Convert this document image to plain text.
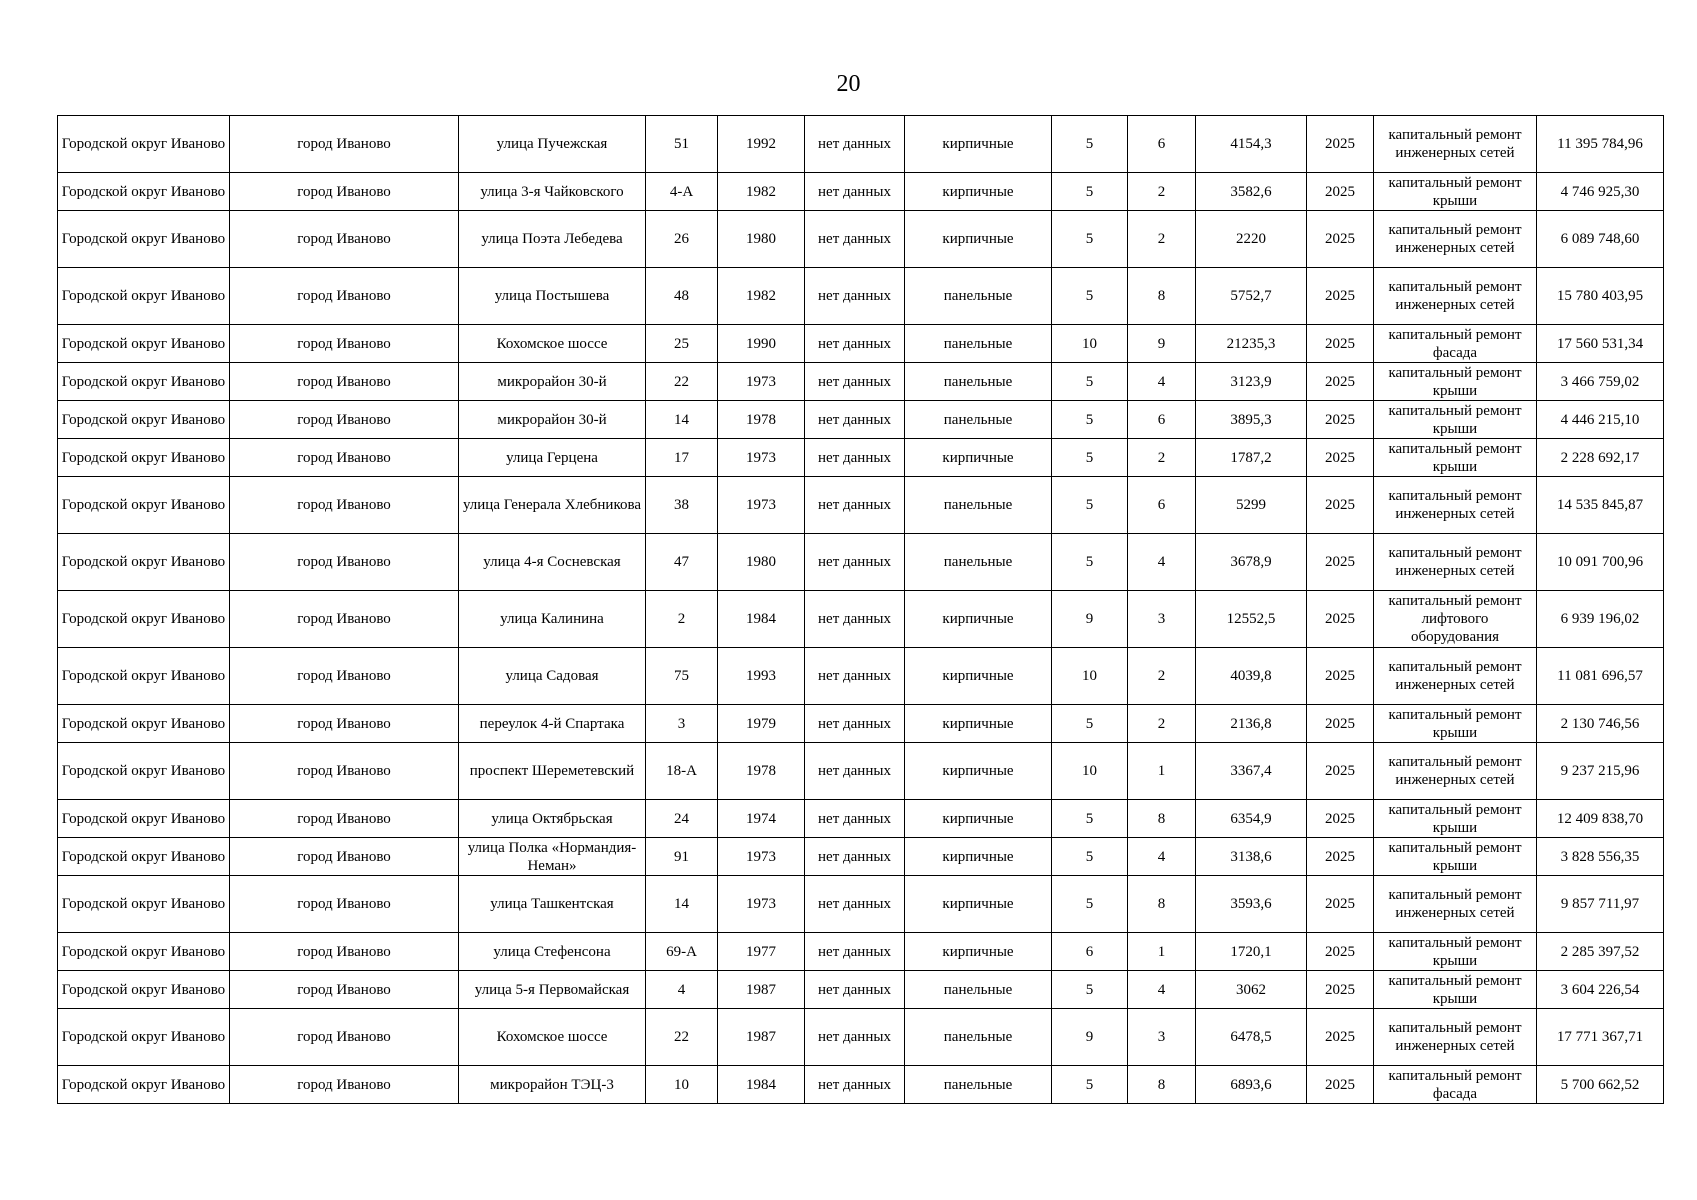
20
Городской округ Иваново	город Иваново	улица Пучежская	51	1992	нет данных	кирпичные	5	6	4154,3	2025	капитальный ремонт инженерных сетей	11 395 784,96
Городской округ Иваново	город Иваново	улица 3-я Чайковского	4-А	1982	нет данных	кирпичные	5	2	3582,6	2025	капитальный ремонт крыши	4 746 925,30
Городской округ Иваново	город Иваново	улица Поэта Лебедева	26	1980	нет данных	кирпичные	5	2	2220	2025	капитальный ремонт инженерных сетей	6 089 748,60
Городской округ Иваново	город Иваново	улица Постышева	48	1982	нет данных	панельные	5	8	5752,7	2025	капитальный ремонт инженерных сетей	15 780 403,95
Городской округ Иваново	город Иваново	Кохомское шоссе	25	1990	нет данных	панельные	10	9	21235,3	2025	капитальный ремонт фасада	17 560 531,34
Городской округ Иваново	город Иваново	микрорайон 30-й	22	1973	нет данных	панельные	5	4	3123,9	2025	капитальный ремонт крыши	3 466 759,02
Городской округ Иваново	город Иваново	микрорайон 30-й	14	1978	нет данных	панельные	5	6	3895,3	2025	капитальный ремонт крыши	4 446 215,10
Городской округ Иваново	город Иваново	улица Герцена	17	1973	нет данных	кирпичные	5	2	1787,2	2025	капитальный ремонт крыши	2 228 692,17
Городской округ Иваново	город Иваново	улица Генерала Хлебникова	38	1973	нет данных	панельные	5	6	5299	2025	капитальный ремонт инженерных сетей	14 535 845,87
Городской округ Иваново	город Иваново	улица 4-я Сосневская	47	1980	нет данных	панельные	5	4	3678,9	2025	капитальный ремонт инженерных сетей	10 091 700,96
Городской округ Иваново	город Иваново	улица Калинина	2	1984	нет данных	кирпичные	9	3	12552,5	2025	капитальный ремонт лифтового оборудования	6 939 196,02
Городской округ Иваново	город Иваново	улица Садовая	75	1993	нет данных	кирпичные	10	2	4039,8	2025	капитальный ремонт инженерных сетей	11 081 696,57
Городской округ Иваново	город Иваново	переулок 4-й Спартака	3	1979	нет данных	кирпичные	5	2	2136,8	2025	капитальный ремонт крыши	2 130 746,56
Городской округ Иваново	город Иваново	проспект Шереметевский	18-А	1978	нет данных	кирпичные	10	1	3367,4	2025	капитальный ремонт инженерных сетей	9 237 215,96
Городской округ Иваново	город Иваново	улица Октябрьская	24	1974	нет данных	кирпичные	5	8	6354,9	2025	капитальный ремонт крыши	12 409 838,70
Городской округ Иваново	город Иваново	улица Полка «Нормандия-Неман»	91	1973	нет данных	кирпичные	5	4	3138,6	2025	капитальный ремонт крыши	3 828 556,35
Городской округ Иваново	город Иваново	улица Ташкентская	14	1973	нет данных	кирпичные	5	8	3593,6	2025	капитальный ремонт инженерных сетей	9 857 711,97
Городской округ Иваново	город Иваново	улица Стефенсона	69-А	1977	нет данных	кирпичные	6	1	1720,1	2025	капитальный ремонт крыши	2 285 397,52
Городской округ Иваново	город Иваново	улица 5-я Первомайская	4	1987	нет данных	панельные	5	4	3062	2025	капитальный ремонт крыши	3 604 226,54
Городской округ Иваново	город Иваново	Кохомское шоссе	22	1987	нет данных	панельные	9	3	6478,5	2025	капитальный ремонт инженерных сетей	17 771 367,71
Городской округ Иваново	город Иваново	микрорайон ТЭЦ-3	10	1984	нет данных	панельные	5	8	6893,6	2025	капитальный ремонт фасада	5 700 662,52
